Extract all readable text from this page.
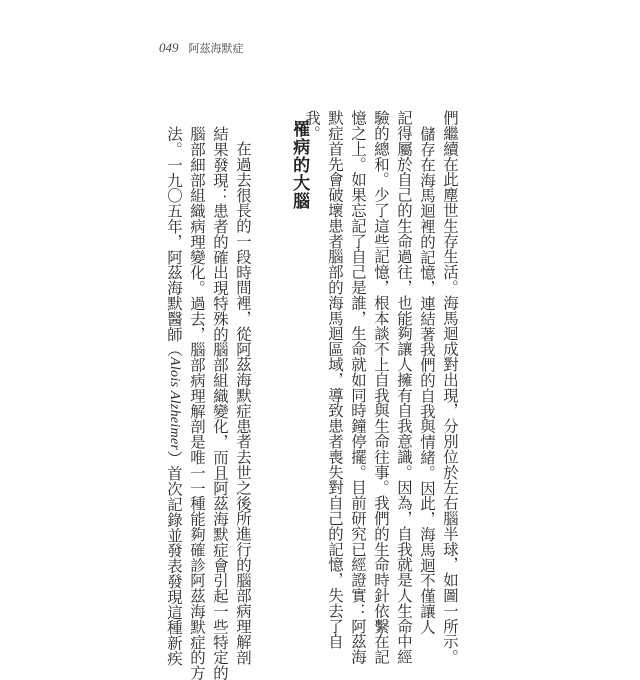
049 阿茲海默症

們繼續在此塵世生存生活。海馬迴成對出現，分別位於左右腦半球，如圖一所示。

儲存在海馬迴裡的記憶，連結著我們的自我與情緒。因此，海馬迴不僅讓人

記得屬於自己的生命過往，也能夠讓人擁有自我意識。因為，自我就是人生命中經

驗的總和。少了這些記憶，根本談不上自我與生命往事。我們的生命時針依繫在記

憶之上。如果忘記了自己是誰，生命就如同時鐘停擺。目前研究已經證實：阿茲海

默症首先會破壞患者腦部的海馬迴區域，導致患者喪失對自己的記憶，失去了自

我。

罹病的大腦

在過去很長的一段時間裡，從阿茲海默症患者去世之後所進行的腦部病理解剖

結果發現：患者的確出現特殊的腦部組織變化，而且阿茲海默症會引起一些特定的

腦部細部組織病理變化。過去，腦部病理解剖是唯一一種能夠確診阿茲海默症的方

法。一九〇五年，阿茲海默醫師（Alois Alzheimer）首次記錄並發表發現這種新疾
